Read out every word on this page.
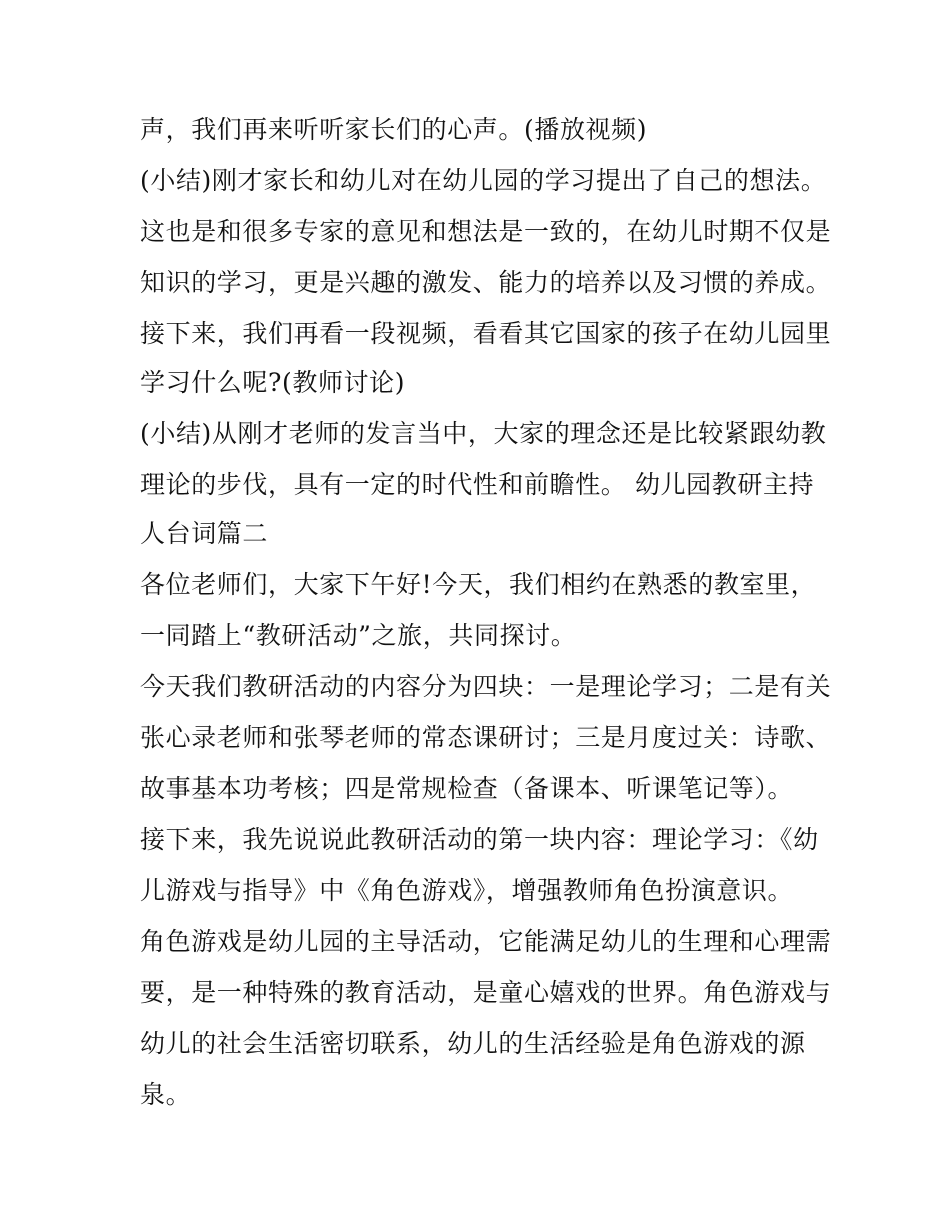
声，我们再来听听家长们的心声。(播放视频)
(小结)刚才家长和幼儿对在幼儿园的学习提出了自己的想法。
这也是和很多专家的意见和想法是一致的，在幼儿时期不仅是
知识的学习，更是兴趣的激发、能力的培养以及习惯的养成。
接下来，我们再看一段视频，看看其它国家的孩子在幼儿园里
学习什么呢?(教师讨论)
(小结)从刚才老师的发言当中，大家的理念还是比较紧跟幼教
理论的步伐，具有一定的时代性和前瞻性。 幼儿园教研主持
人台词篇二
各位老师们，大家下午好!今天，我们相约在熟悉的教室里，
一同踏上“教研活动”之旅，共同探讨。
今天我们教研活动的内容分为四块：一是理论学习；二是有关
张心录老师和张琴老师的常态课研讨；三是月度过关：诗歌、
故事基本功考核；四是常规检查（备课本、听课笔记等）。
接下来，我先说说此教研活动的第一块内容：理论学习：《幼
儿游戏与指导》中《角色游戏》，增强教师角色扮演意识。
角色游戏是幼儿园的主导活动，它能满足幼儿的生理和心理需
要，是一种特殊的教育活动，是童心嬉戏的世界。角色游戏与
幼儿的社会生活密切联系，幼儿的生活经验是角色游戏的源
泉。
